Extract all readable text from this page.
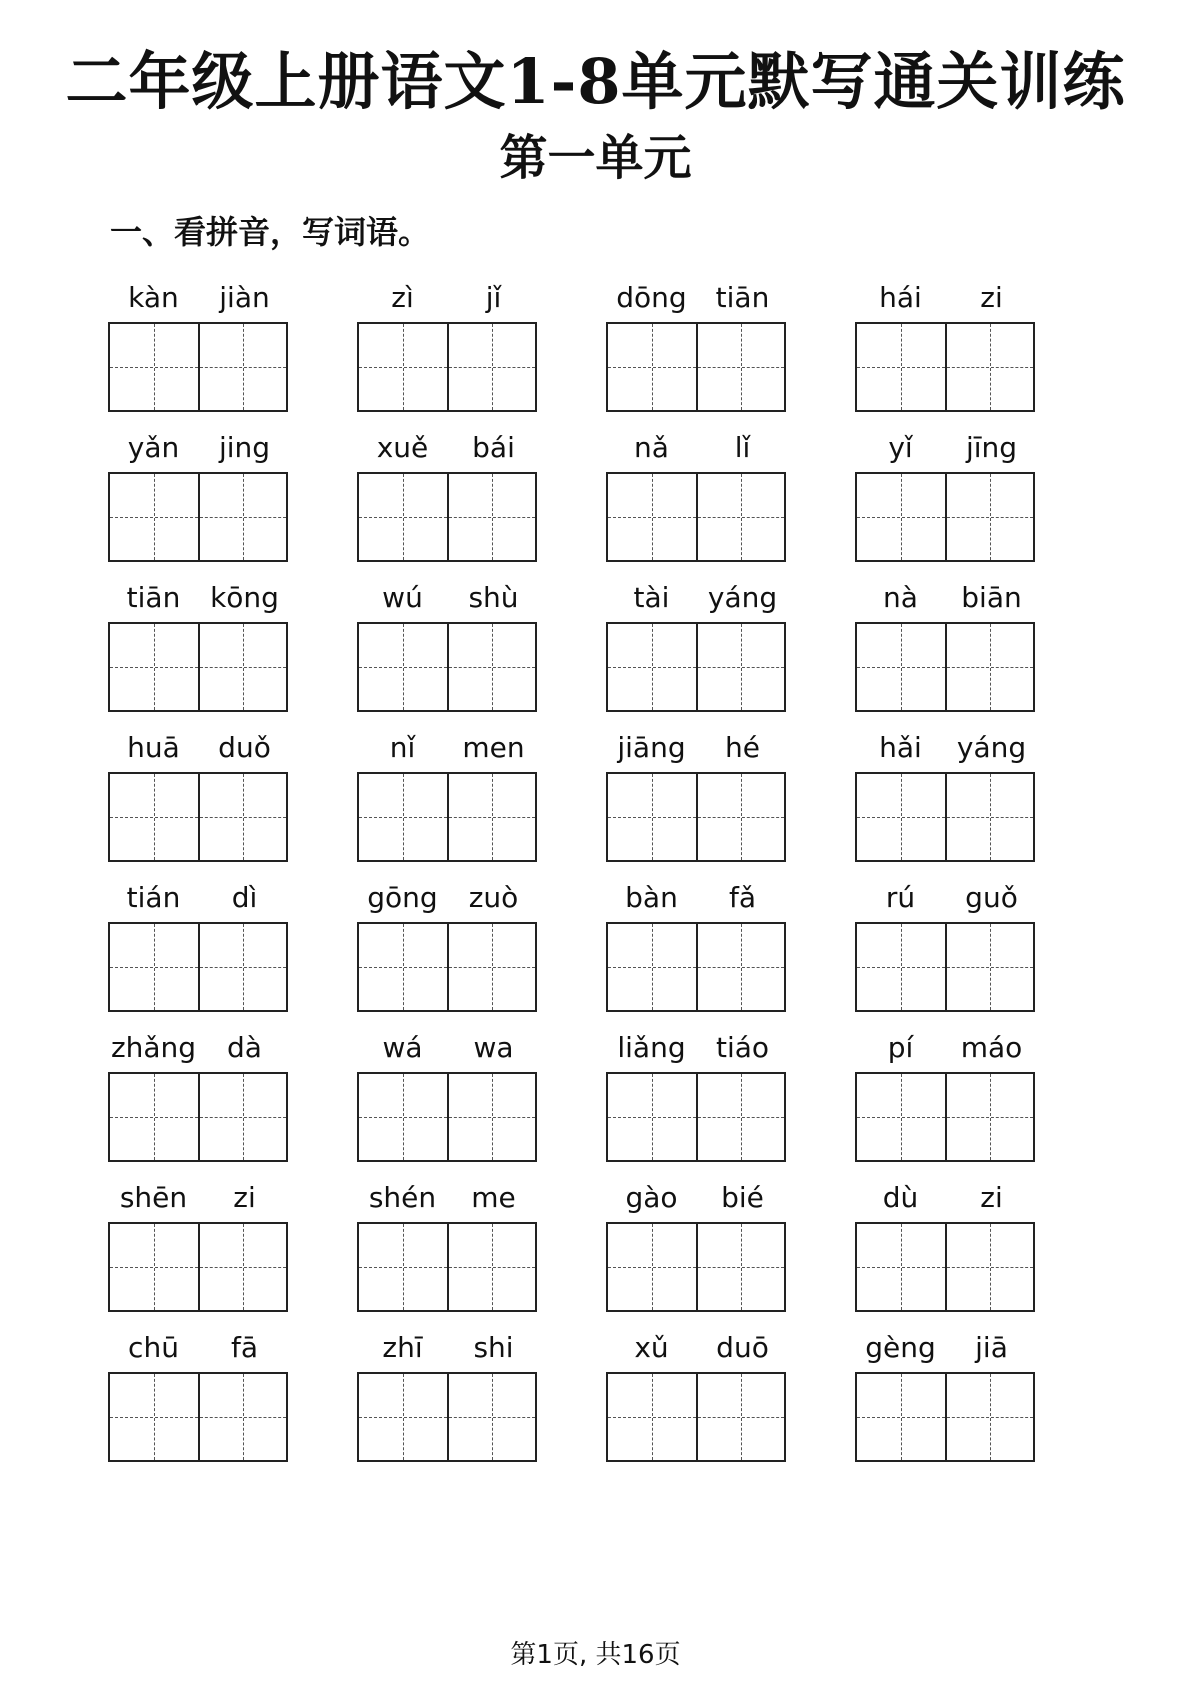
二年级上册语文1-8单元默写通关训练
第一单元
一、看拼音，写词语。
kàn	jiàn	zì	jǐ	dōng	tiān	hái	zi
yǎn	jing	xuě	bái	nǎ	lǐ	yǐ	jīng
tiān	kōng	wú	shù	tài	yáng	nà	biān
huā	duǒ	nǐ	men	jiāng	hé	hǎi	yáng
tián	dì	gōng	zuò	bàn	fǎ	rú	guǒ
zhǎng	dà	wá	wa	liǎng	tiáo	pí	máo
shēn	zi	shén	me	gào	bié	dù	zi
chū	fā	zhī	shi	xǔ	duō	gèng	jiā
第1页, 共16页
